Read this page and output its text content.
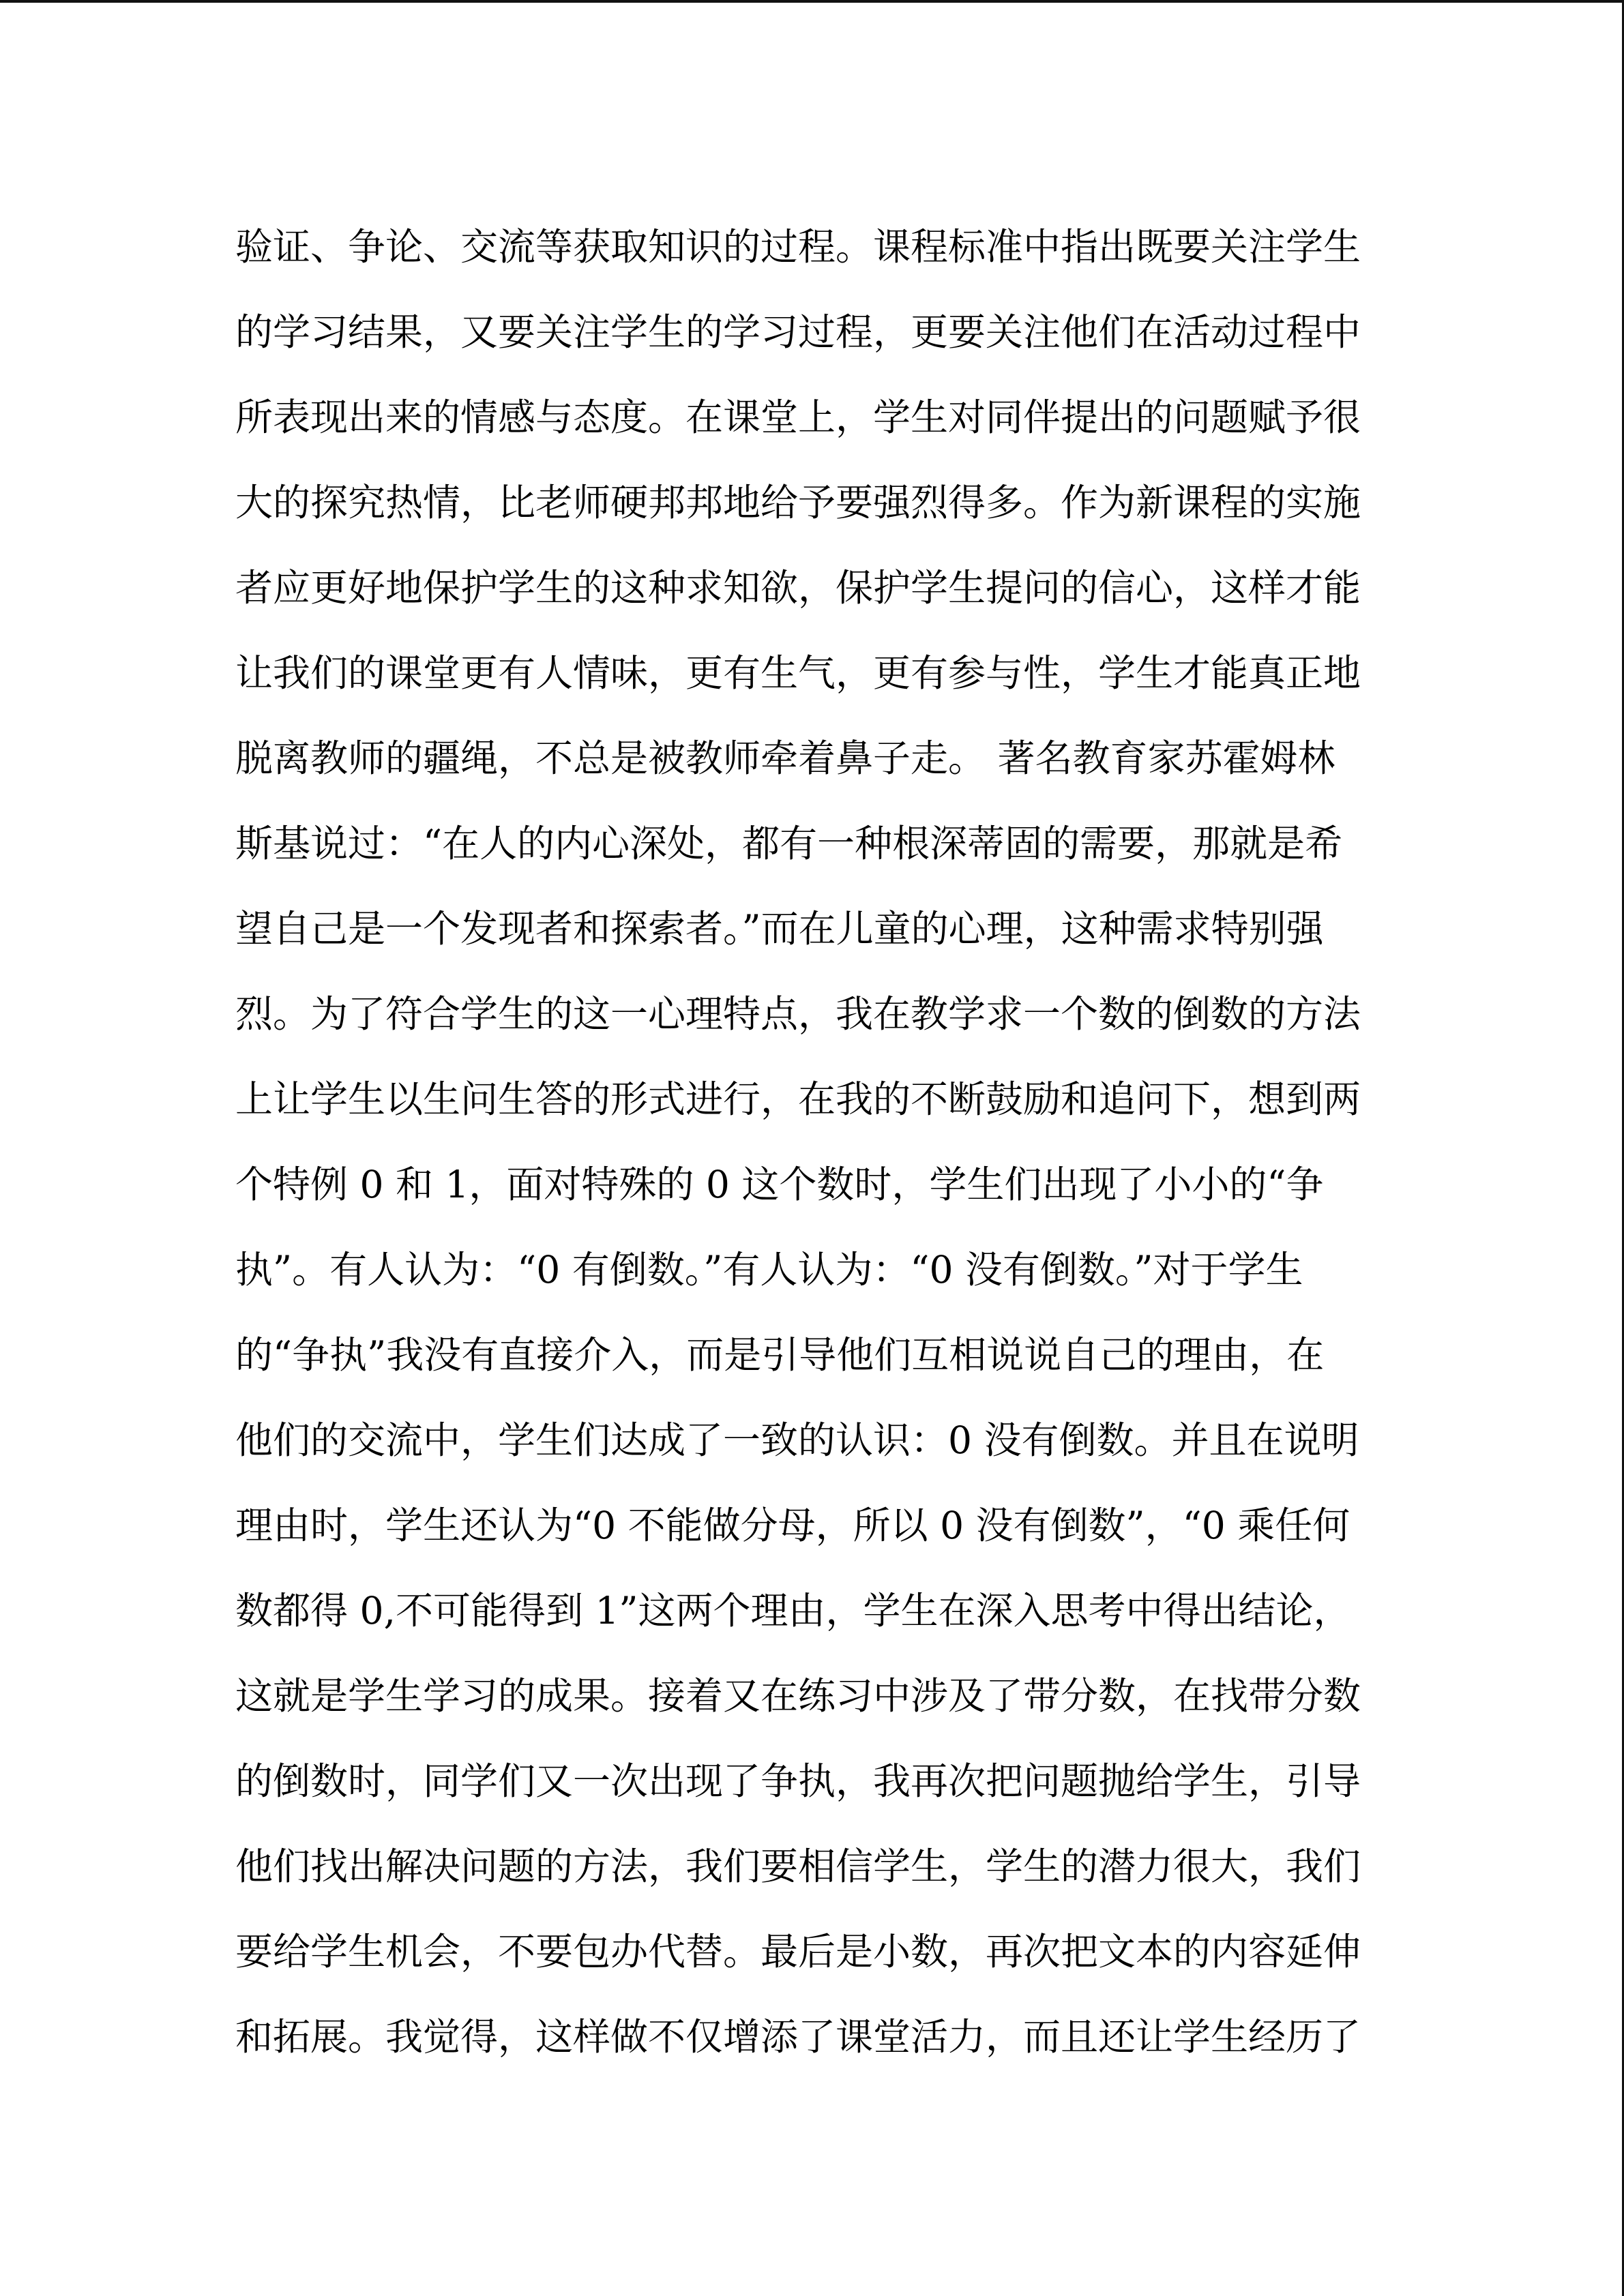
验证、争论、交流等获取知识的过程。课程标准中指出既要关注学生
的学习结果，又要关注学生的学习过程，更要关注他们在活动过程中
所表现出来的情感与态度。在课堂上，学生对同伴提出的问题赋予很
大的探究热情，比老师硬邦邦地给予要强烈得多。作为新课程的实施
者应更好地保护学生的这种求知欲，保护学生提问的信心，这样才能
让我们的课堂更有人情味，更有生气，更有参与性，学生才能真正地
脱离教师的疆绳，不总是被教师牵着鼻子走。 著名教育家苏霍姆林
斯基说过：“在人的内心深处，都有一种根深蒂固的需要，那就是希
望自己是一个发现者和探索者。”而在儿童的心理，这种需求特别强
烈。为了符合学生的这一心理特点，我在教学求一个数的倒数的方法
上让学生以生问生答的形式进行，在我的不断鼓励和追问下，想到两
个特例 0 和 1，面对特殊的 0 这个数时，学生们出现了小小的“争
执”。有人认为：“0 有倒数。”有人认为：“0 没有倒数。”对于学生
的“争执”我没有直接介入，而是引导他们互相说说自己的理由，在
他们的交流中，学生们达成了一致的认识：0 没有倒数。并且在说明
理由时，学生还认为“0 不能做分母，所以 0 没有倒数”，“0 乘任何
数都得 0,不可能得到 1”这两个理由，学生在深入思考中得出结论，
这就是学生学习的成果。接着又在练习中涉及了带分数，在找带分数
的倒数时，同学们又一次出现了争执，我再次把问题抛给学生，引导
他们找出解决问题的方法，我们要相信学生，学生的潜力很大，我们
要给学生机会，不要包办代替。最后是小数，再次把文本的内容延伸
和拓展。我觉得，这样做不仅增添了课堂活力，而且还让学生经历了
